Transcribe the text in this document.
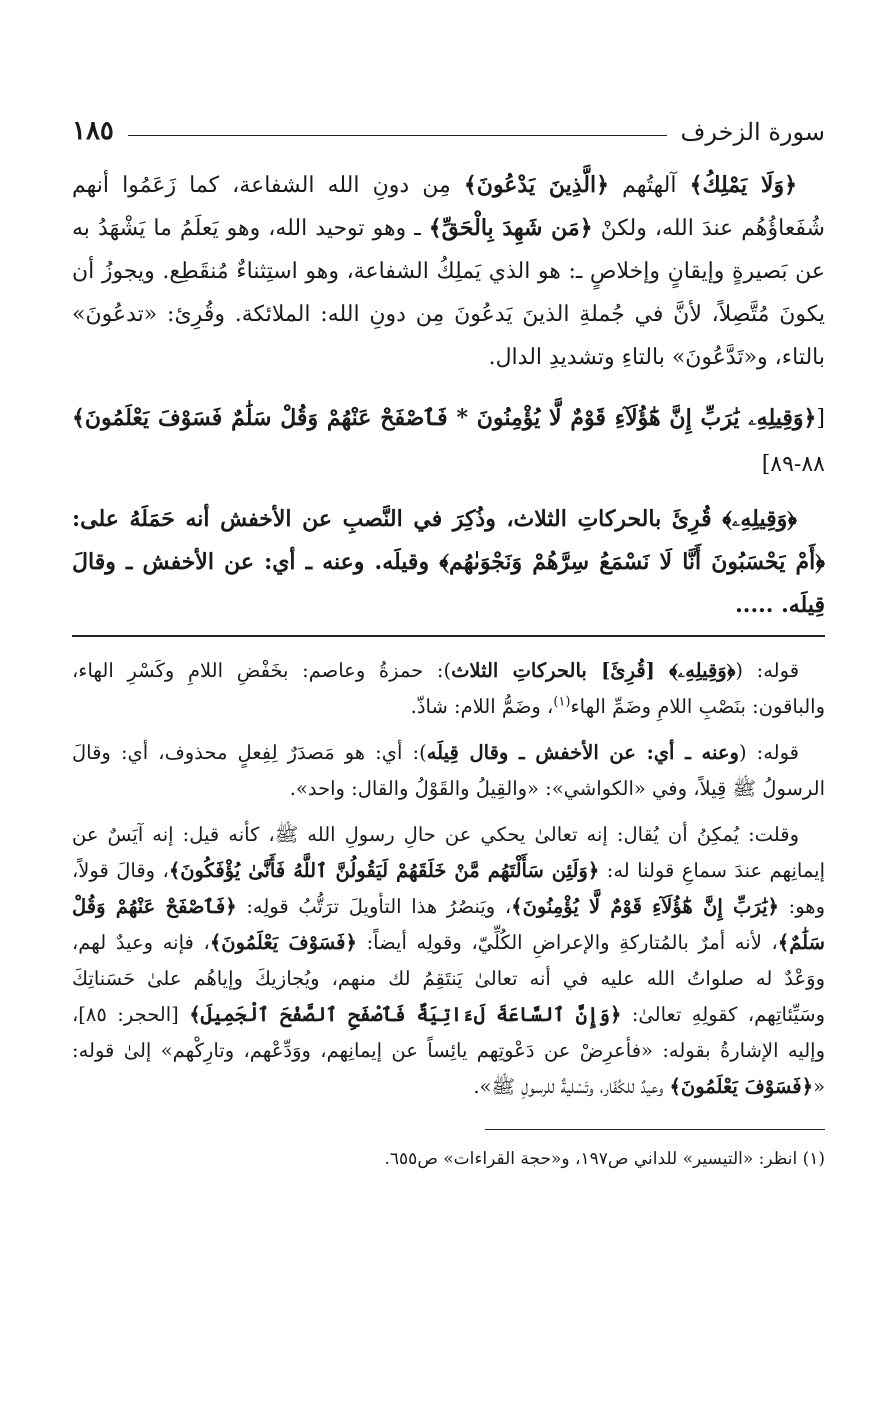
سورة الزخرف
١٨٥

﴿وَلَا يَمْلِكُ﴾ آلهتُهم ﴿الَّذِينَ يَدْعُونَ﴾ مِن دونِ الله الشفاعة، كما زَعَمُوا أنهم شُفَعاؤُهُم عندَ الله، ولكنْ ﴿مَن شَهِدَ بِالْحَقِّ﴾ ـ وهو توحيد الله، وهو يَعلَمُ ما يَشْهَدُ به عن بَصيرةٍ وإيقانٍ وإخلاصٍ ـ: هو الذي يَملِكُ الشفاعة، وهو استِثناءٌ مُنقَطِع. ويجوزُ أن يكونَ مُتَّصِلاً، لأنَّ في جُملةِ الذينَ يَدعُونَ مِن دونِ الله: الملائكة. وقُرِئ: «تدعُونَ» بالتاء، و«تَدَّعُونَ» بالتاءِ وتشديدِ الدال.

[﴿وَقِيلِهِۦ يَٰرَبِّ إِنَّ هَٰٓؤُلَآءِ قَوْمٌ لَّا يُؤْمِنُونَ * فَٱصْفَحْ عَنْهُمْ وَقُلْ سَلَٰمٌ فَسَوْفَ يَعْلَمُونَ﴾ ٨٨-٨٩]

﴿وَقِيلِهِۦ﴾ قُرِئَ بالحركاتِ الثلاث، وذُكِرَ في النَّصبِ عن الأخفش أنه حَمَلَهُ على: ﴿أَمْ يَحْسَبُونَ أَنَّا لَا نَسْمَعُ سِرَّهُمْ وَنَجْوَىٰهُم﴾ وقيلَه. وعنه ـ أي: عن الأخفش ـ وقالَ قِيلَه. .....

قوله: (﴿وَقِيلِهِۦ﴾ [قُرِئَ] بالحركاتِ الثلاث): حمزةُ وعاصم: بخَفْضِ اللامِ وكَسْرِ الهاء، والباقون: بنَصْبِ اللامِ وضَمِّ الهاء$^{(١)}$، وضَمُّ اللام: شاذّ.

قوله: (وعنه ـ أي: عن الأخفش ـ وقال قِيلَه): أي: هو مَصدَرٌ لِفِعلٍ محذوف، أي: وقالَ الرسولُ ﷺ قِيلاً، وفي «الكواشي»: «والقِيلُ والقَوْلُ والقال: واحد».

وقلت: يُمكِنُ أن يُقال: إنه تعالىٰ يحكي عن حالِ رسولِ الله ﷺ، كأنه قيل: إنه آيَسٌ عن إيمانِهم عندَ سماعِ قولنا له: ﴿وَلَئِن سَأَلْتَهُم مَّنْ خَلَقَهُمْ لَيَقُولُنَّ ٱللَّهُ فَأَنَّىٰ يُؤْفَكُونَ﴾، وقالَ قولاً، وهو: ﴿يَٰرَبِّ إِنَّ هَٰٓؤُلَآءِ قَوْمٌ لَّا يُؤْمِنُونَ﴾، ويَنصُرُ هذا التأويلَ ترَتُّبُ قولِه: ﴿فَٱصْفَحْ عَنْهُمْ وَقُلْ سَلَٰمٌ﴾، لأنه أمرٌ بالمُتاركةِ والإعراضِ الكُلِّيّ، وقولِه أيضاً: ﴿فَسَوْفَ يَعْلَمُونَ﴾، فإنه وعيدٌ لهم، ووَعْدٌ له صلواتُ الله عليه في أنه تعالىٰ يَنتَقِمُ لك منهم، ويُجازيكَ وإياهُم علىٰ حَسَناتِكَ وسَيِّئاتِهم، كقولِهِ تعالىٰ: ﴿وَإِنَّ ٱلسَّاعَةَ لَءَاتِيَةٌ فَٱصْفَحِ ٱلصَّفْحَ ٱلْجَمِيلَ﴾ [الحجر: ٨٥]، وإليه الإشارةُ بقوله: «فأعرِضْ عن دَعْوتِهم يائِساً عن إيمانِهم، ووَدِّعْهم، وتارِكْهم» إلىٰ قوله: «﴿فَسَوْفَ يَعْلَمُونَ﴾ وعيدٌ للكُفّار، وتَسْليةٌ للرسولِ ﷺ».

(١) انظر: «التيسير» للداني ص١٩٧، و«حجة القراءات» ص٦٥٥.
